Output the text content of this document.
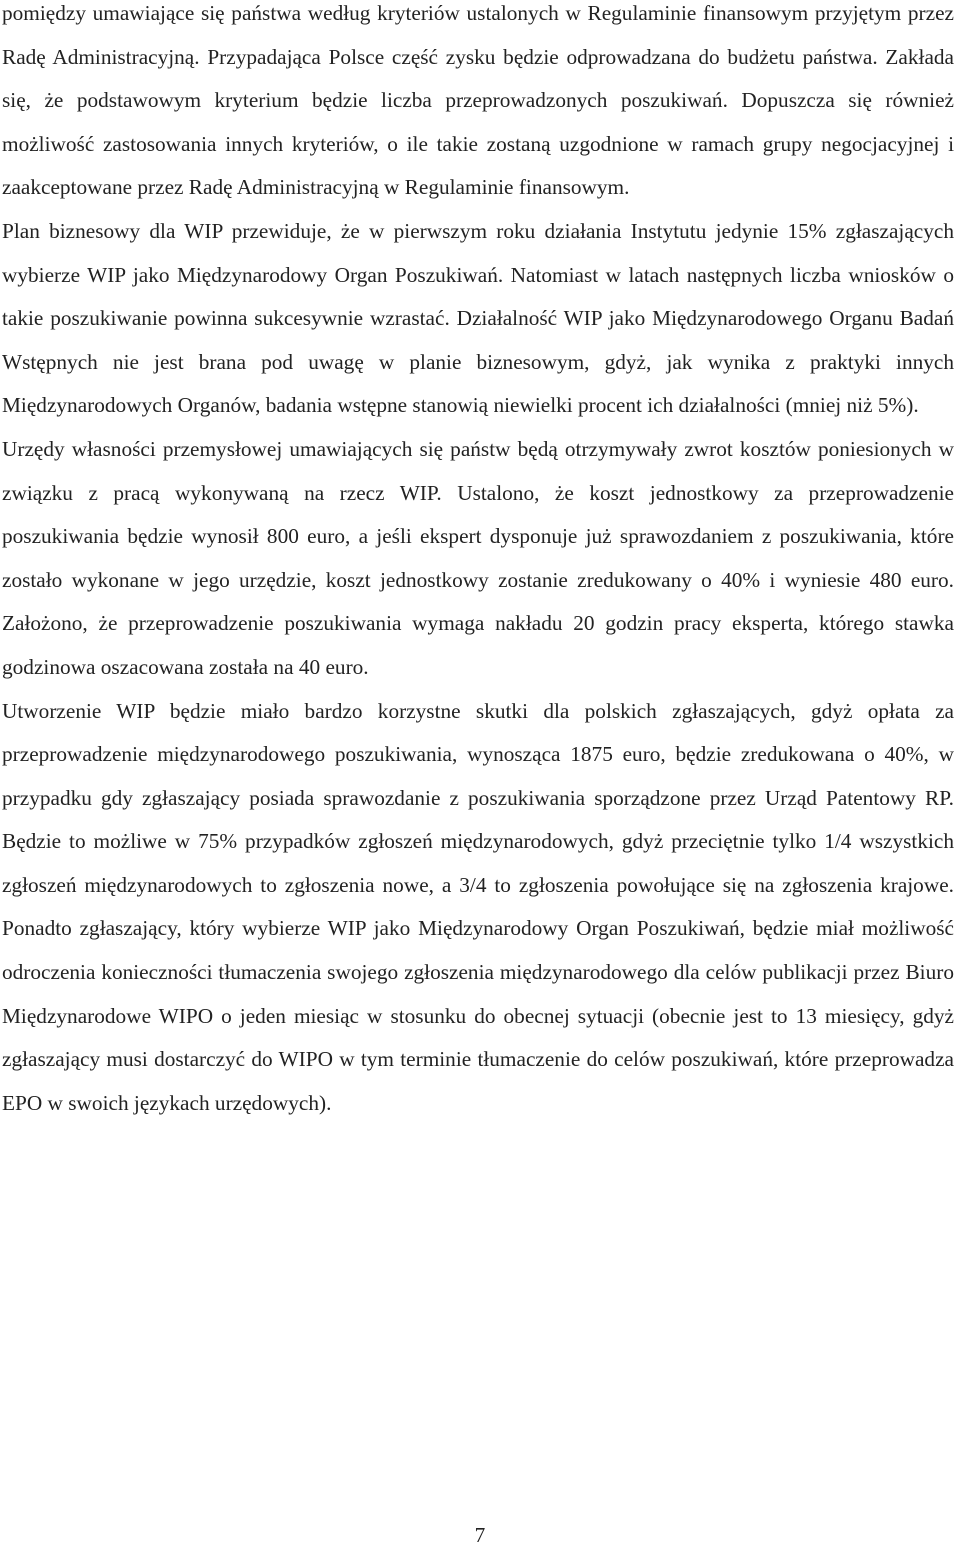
pomiędzy umawiające się państwa według kryteriów ustalonych w Regulaminie finansowym przyjętym przez Radę Administracyjną. Przypadająca Polsce część zysku będzie odprowadzana do budżetu państwa. Zakłada się, że podstawowym kryterium będzie liczba przeprowadzonych poszukiwań. Dopuszcza się również możliwość zastosowania innych kryteriów, o ile takie zostaną uzgodnione w ramach grupy negocjacyjnej i zaakceptowane przez Radę Administracyjną w Regulaminie finansowym.

Plan biznesowy dla WIP przewiduje, że w pierwszym roku działania Instytutu jedynie 15% zgłaszających wybierze WIP jako Międzynarodowy Organ Poszukiwań. Natomiast w latach następnych liczba wniosków o takie poszukiwanie powinna sukcesywnie wzrastać. Działalność WIP jako Międzynarodowego Organu Badań Wstępnych nie jest brana pod uwagę w planie biznesowym, gdyż, jak wynika z praktyki innych Międzynarodowych Organów, badania wstępne stanowią niewielki procent ich działalności (mniej niż 5%).

Urzędy własności przemysłowej umawiających się państw będą otrzymywały zwrot kosztów poniesionych w związku z pracą wykonywaną na rzecz WIP. Ustalono, że koszt jednostkowy za przeprowadzenie poszukiwania będzie wynosił 800 euro, a jeśli ekspert dysponuje już sprawozdaniem z poszukiwania, które zostało wykonane w jego urzędzie, koszt jednostkowy zostanie zredukowany o 40% i wyniesie 480 euro. Założono, że przeprowadzenie poszukiwania wymaga nakładu 20 godzin pracy eksperta, którego stawka godzinowa oszacowana została na 40 euro.

Utworzenie WIP będzie miało bardzo korzystne skutki dla polskich zgłaszających, gdyż opłata za przeprowadzenie międzynarodowego poszukiwania, wynosząca 1875 euro, będzie zredukowana o 40%, w przypadku gdy zgłaszający posiada sprawozdanie z poszukiwania sporządzone przez Urząd Patentowy RP. Będzie to możliwe w 75% przypadków zgłoszeń międzynarodowych, gdyż przeciętnie tylko 1/4 wszystkich zgłoszeń międzynarodowych to zgłoszenia nowe, a 3/4 to zgłoszenia powołujące się na zgłoszenia krajowe. Ponadto zgłaszający, który wybierze WIP jako Międzynarodowy Organ Poszukiwań, będzie miał możliwość odroczenia konieczności tłumaczenia swojego zgłoszenia międzynarodowego dla celów publikacji przez Biuro Międzynarodowe WIPO o jeden miesiąc w stosunku do obecnej sytuacji (obecnie jest to 13 miesięcy, gdyż zgłaszający musi dostarczyć do WIPO w tym terminie tłumaczenie do celów poszukiwań, które przeprowadza EPO w swoich językach urzędowych).

7
